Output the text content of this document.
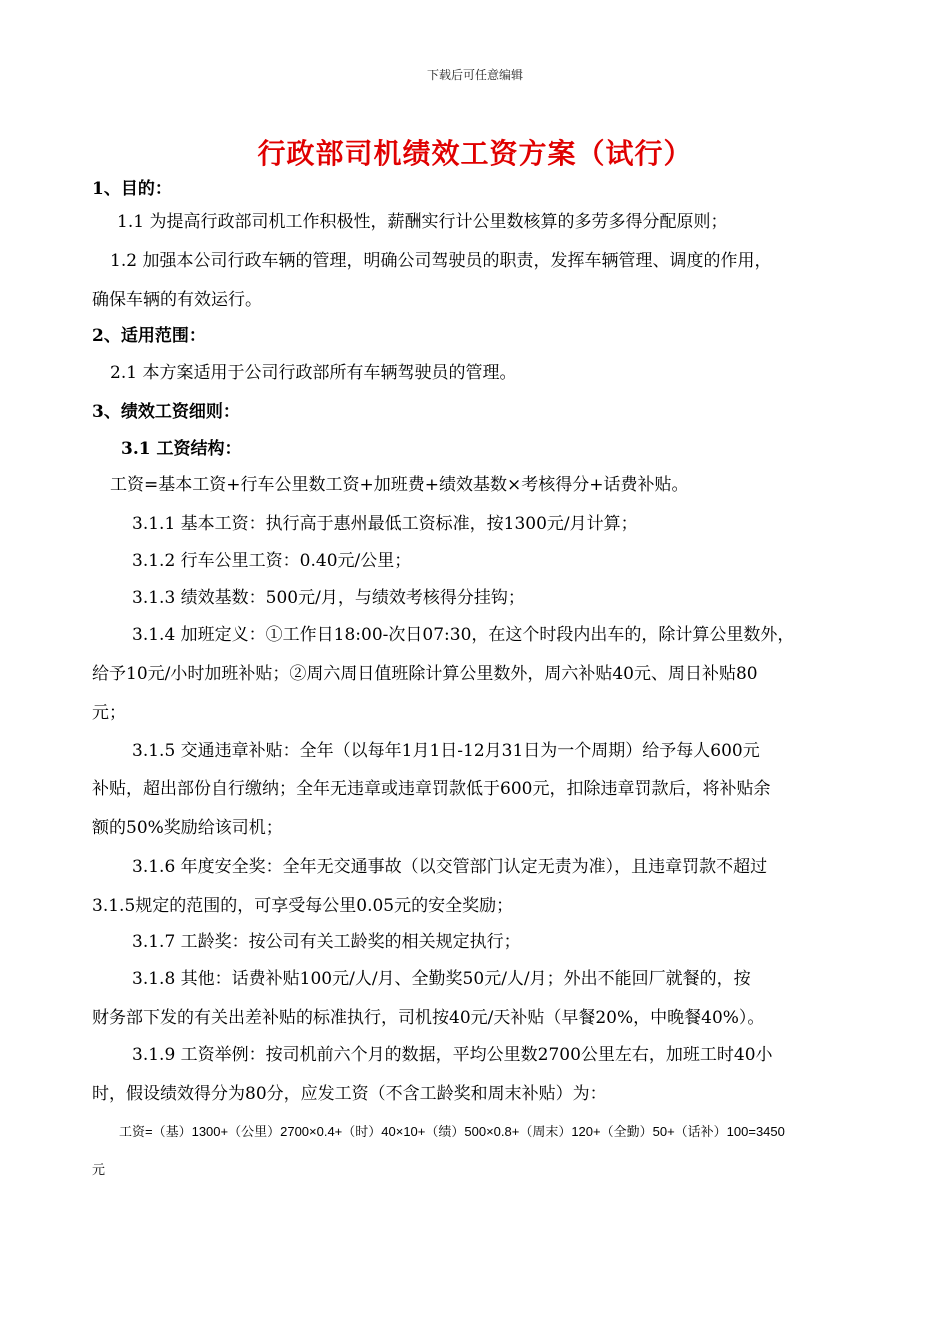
下载后可任意编辑
行政部司机绩效工资方案（试行）
1、目的：
1.1 为提高行政部司机工作积极性，薪酬实行计公里数核算的多劳多得分配原则；
1.2 加强本公司行政车辆的管理，明确公司驾驶员的职责，发挥车辆管理、调度的作用，
确保车辆的有效运行。
2、适用范围：
2.1 本方案适用于公司行政部所有车辆驾驶员的管理。
3、绩效工资细则：
3.1 工资结构：
工资=基本工资+行车公里数工资+加班费+绩效基数×考核得分+话费补贴。
3.1.1 基本工资：执行高于惠州最低工资标准，按1300元/月计算；
3.1.2 行车公里工资：0.40元/公里；
3.1.3 绩效基数：500元/月，与绩效考核得分挂钩；
3.1.4 加班定义：①工作日18:00-次日07:30，在这个时段内出车的，除计算公里数外，
给予10元/小时加班补贴；②周六周日值班除计算公里数外，周六补贴40元、周日补贴80
元；
3.1.5 交通违章补贴：全年（以每年1月1日-12月31日为一个周期）给予每人600元
补贴，超出部份自行缴纳；全年无违章或违章罚款低于600元，扣除违章罚款后，将补贴余
额的50%奖励给该司机；
3.1.6 年度安全奖：全年无交通事故（以交管部门认定无责为准），且违章罚款不超过
3.1.5规定的范围的，可享受每公里0.05元的安全奖励；
3.1.7 工龄奖：按公司有关工龄奖的相关规定执行；
3.1.8 其他：话费补贴100元/人/月、全勤奖50元/人/月；外出不能回厂就餐的，按
财务部下发的有关出差补贴的标准执行，司机按40元/天补贴（早餐20%，中晚餐40%）。
3.1.9 工资举例：按司机前六个月的数据，平均公里数2700公里左右，加班工时40小
时，假设绩效得分为80分，应发工资（不含工龄奖和周末补贴）为：
工资=（基）1300+（公里）2700×0.4+（时）40×10+（绩）500×0.8+（周末）120+（全勤）50+（话补）100=3450
元
